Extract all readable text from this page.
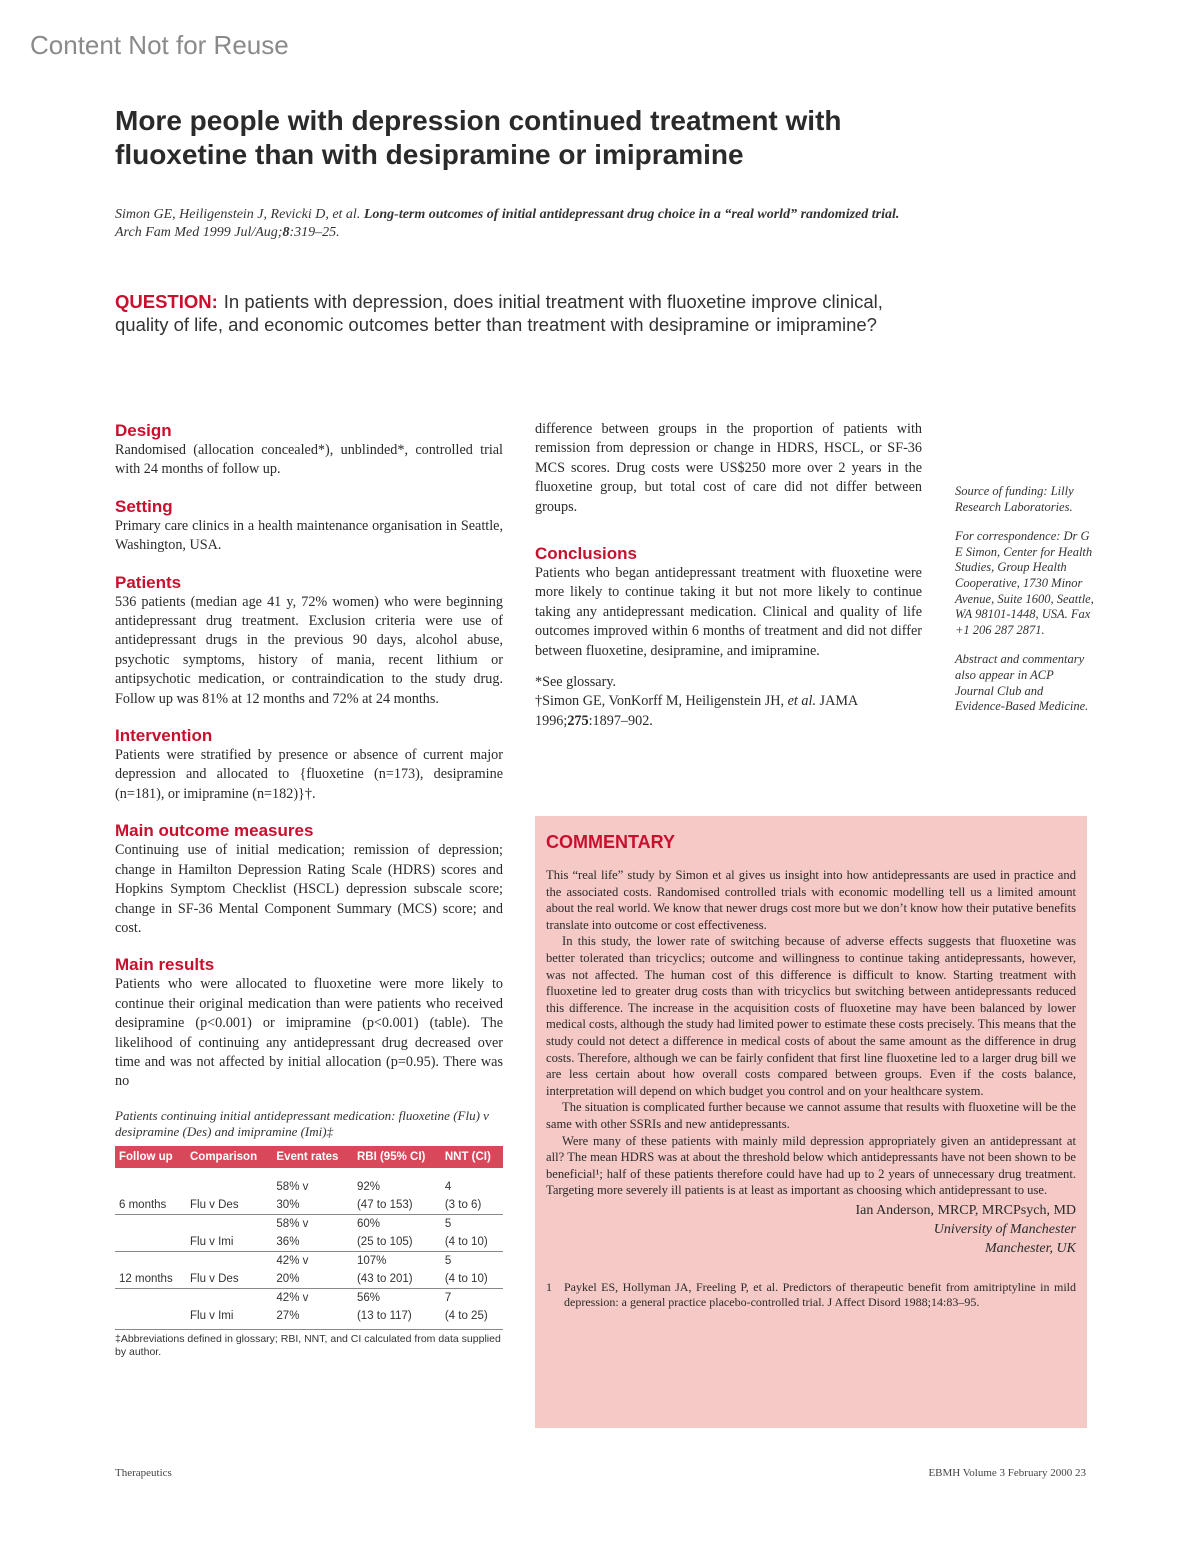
Content Not for Reuse
More people with depression continued treatment with fluoxetine than with desipramine or imipramine
Simon GE, Heiligenstein J, Revicki D, et al. Long-term outcomes of initial antidepressant drug choice in a “real world” randomized trial. Arch Fam Med 1999 Jul/Aug;8:319–25.
QUESTION: In patients with depression, does initial treatment with fluoxetine improve clinical, quality of life, and economic outcomes better than treatment with desipramine or imipramine?
Design

Randomised (allocation concealed*), unblinded*, controlled trial with 24 months of follow up.

Setting

Primary care clinics in a health maintenance organisation in Seattle, Washington, USA.

Patients

536 patients (median age 41 y, 72% women) who were beginning antidepressant drug treatment. Exclusion criteria were use of antidepressant drugs in the previous 90 days, alcohol abuse, psychotic symptoms, history of mania, recent lithium or antipsychotic medication, or contraindication to the study drug. Follow up was 81% at 12 months and 72% at 24 months.

Intervention

Patients were stratified by presence or absence of current major depression and allocated to {fluoxetine (n=173), desipramine (n=181), or imipramine (n=182)}†.

Main outcome measures

Continuing use of initial medication; remission of depression; change in Hamilton Depression Rating Scale (HDRS) scores and Hopkins Symptom Checklist (HSCL) depression subscale score; change in SF-36 Mental Component Summary (MCS) score; and cost.

Main results

Patients who were allocated to fluoxetine were more likely to continue their original medication than were patients who received desipramine (p<0.001) or imipramine (p<0.001) (table). The likelihood of continuing any antidepressant drug decreased over time and was not affected by initial allocation (p=0.95). There was no

Patients continuing initial antidepressant medication: fluoxetine (Flu) v desipramine (Des) and imipramine (Imi)‡
Follow up	Comparison	Event rates	RBI (95% CI)	NNT (CI)

		58% v	92%	4
6 months	Flu v Des	30%	(47 to 153)	(3 to 6)
		58% v	60%	5
	Flu v Imi	36%	(25 to 105)	(4 to 10)
		42% v	107%	5
12 months	Flu v Des	20%	(43 to 201)	(4 to 10)
		42% v	56%	7
	Flu v Imi	27%	(13 to 117)	(4 to 25)
‡Abbreviations defined in glossary; RBI, NNT, and CI calculated from data supplied by author.

difference between groups in the proportion of patients with remission from depression or change in HDRS, HSCL, or SF-36 MCS scores. Drug costs were US$250 more over 2 years in the fluoxetine group, but total cost of care did not differ between groups.

Conclusions

Patients who began antidepressant treatment with fluoxetine were more likely to continue taking it but not more likely to continue taking any antidepressant medication. Clinical and quality of life outcomes improved within 6 months of treatment and did not differ between fluoxetine, desipramine, and imipramine.

*See glossary.

†Simon GE, VonKorff M, Heiligenstein JH, et al. JAMA 1996;275:1897–902.

Source of funding: Lilly Research Laboratories.

For correspondence: Dr G E Simon, Center for Health Studies, Group Health Cooperative, 1730 Minor Avenue, Suite 1600, Seattle, WA 98101-1448, USA. Fax +1 206 287 2871.

Abstract and commentary also appear in ACP Journal Club and Evidence-Based Medicine.

COMMENTARY

This “real life” study by Simon et al gives us insight into how antidepressants are used in practice and the associated costs. Randomised controlled trials with economic modelling tell us a limited amount about the real world. We know that newer drugs cost more but we don’t know how their putative benefits translate into outcome or cost effectiveness.

In this study, the lower rate of switching because of adverse effects suggests that fluoxetine was better tolerated than tricyclics; outcome and willingness to continue taking antidepressants, however, was not affected. The human cost of this difference is difficult to know. Starting treatment with fluoxetine led to greater drug costs than with tricyclics but switching between antidepressants reduced this difference. The increase in the acquisition costs of fluoxetine may have been balanced by lower medical costs, although the study had limited power to estimate these costs precisely. This means that the study could not detect a difference in medical costs of about the same amount as the difference in drug costs. Therefore, although we can be fairly confident that first line fluoxetine led to a larger drug bill we are less certain about how overall costs compared between groups. Even if the costs balance, interpretation will depend on which budget you control and on your healthcare system.

The situation is complicated further because we cannot assume that results with fluoxetine will be the same with other SSRIs and new antidepressants.

Were many of these patients with mainly mild depression appropriately given an antidepressant at all? The mean HDRS was at about the threshold below which antidepressants have not been shown to be beneficial¹; half of these patients therefore could have had up to 2 years of unnecessary drug treatment. Targeting more severely ill patients is at least as important as choosing which antidepressant to use.

Ian Anderson, MRCP, MRCPsych, MD
University of Manchester
Manchester, UK
1 Paykel ES, Hollyman JA, Freeling P, et al. Predictors of therapeutic benefit from amitriptyline in mild depression: a general practice placebo-controlled trial. J Affect Disord 1988;14:83–95.
Therapeutics	EBMH Volume 3 February 2000 23
